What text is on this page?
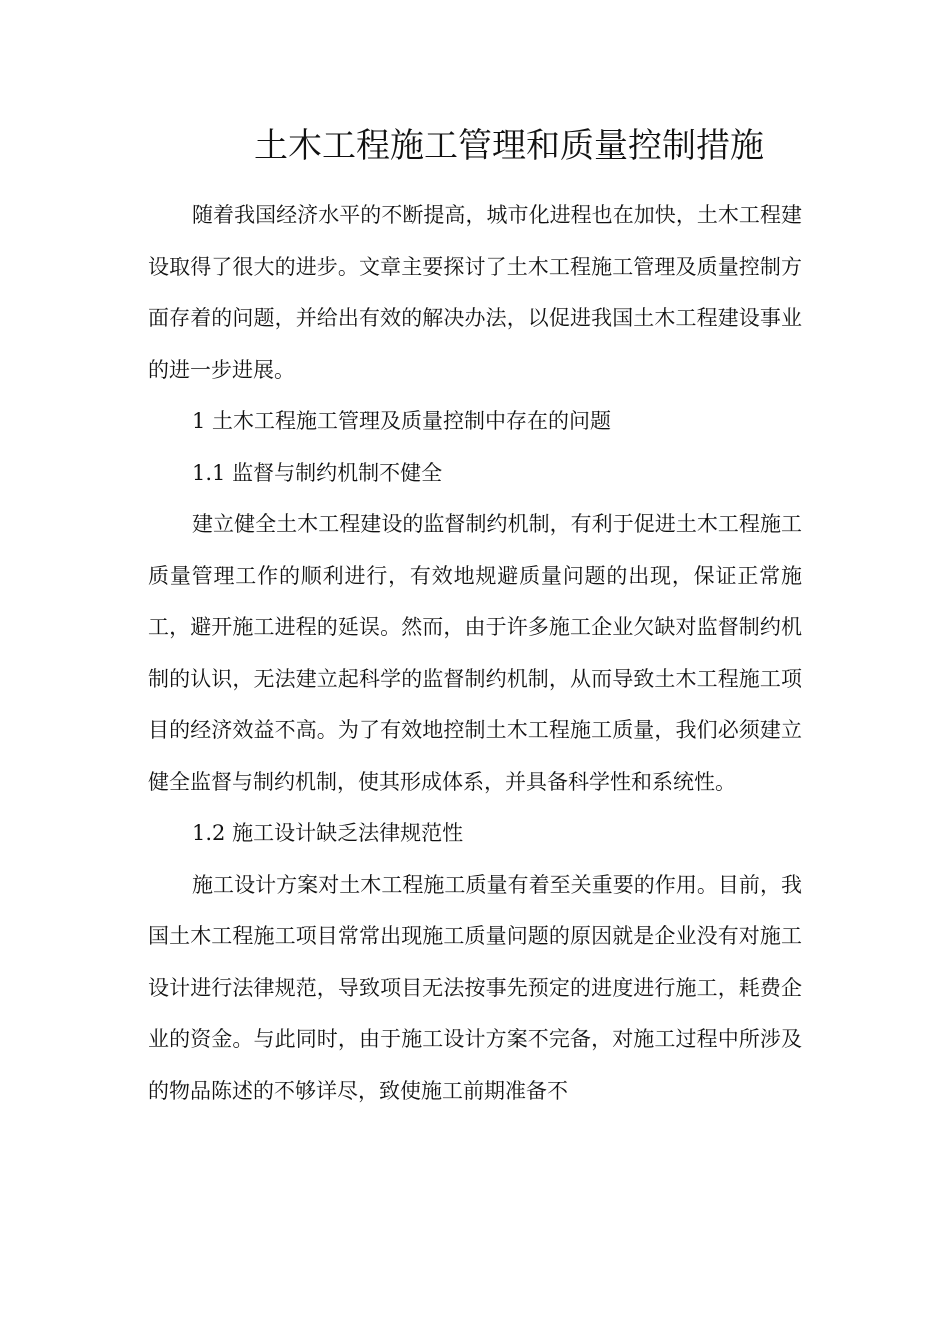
土木工程施工管理和质量控制措施

随着我国经济水平的不断提高，城市化进程也在加快，土木工程建设取得了很大的进步。文章主要探讨了土木工程施工管理及质量控制方面存着的问题，并给出有效的解决办法，以促进我国土木工程建设事业的进一步进展。

1 土木工程施工管理及质量控制中存在的问题

1.1 监督与制约机制不健全

建立健全土木工程建设的监督制约机制，有利于促进土木工程施工质量管理工作的顺利进行，有效地规避质量问题的出现，保证正常施工，避开施工进程的延误。然而，由于许多施工企业欠缺对监督制约机制的认识，无法建立起科学的监督制约机制，从而导致土木工程施工项目的经济效益不高。为了有效地控制土木工程施工质量，我们必须建立健全监督与制约机制，使其形成体系，并具备科学性和系统性。

1.2 施工设计缺乏法律规范性

施工设计方案对土木工程施工质量有着至关重要的作用。目前，我国土木工程施工项目常常出现施工质量问题的原因就是企业没有对施工设计进行法律规范，导致项目无法按事先预定的进度进行施工，耗费企业的资金。与此同时，由于施工设计方案不完备，对施工过程中所涉及的物品陈述的不够详尽，致使施工前期准备不
